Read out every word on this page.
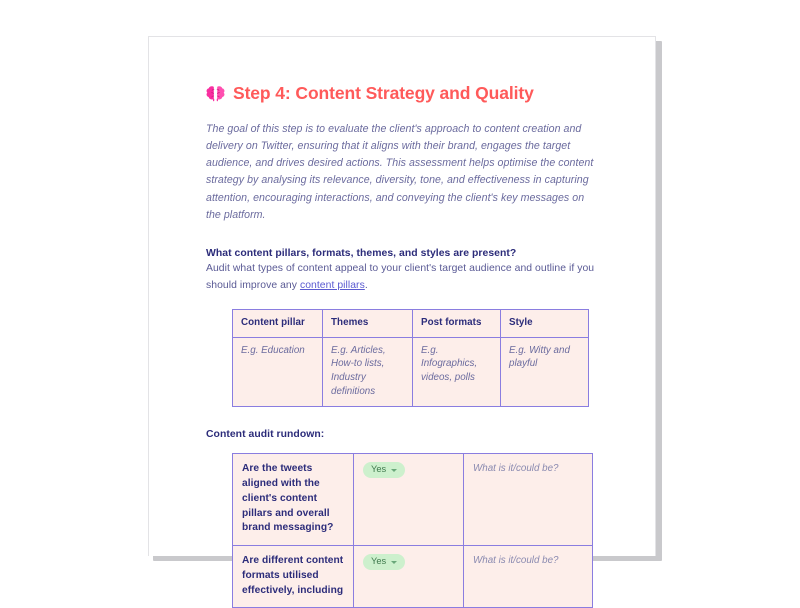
Step 4: Content Strategy and Quality

The goal of this step is to evaluate the client's approach to content creation and delivery on Twitter, ensuring that it aligns with their brand, engages the target audience, and drives desired actions. This assessment helps optimise the content strategy by analysing its relevance, diversity, tone, and effectiveness in capturing attention, encouraging interactions, and conveying the client's key messages on the platform.

What content pillars, formats, themes, and styles are present?

Audit what types of content appeal to your client's target audience and outline if you should improve any content pillars.

Content pillar	Themes	Post formats	Style
E.g. Education	E.g. Articles, How-to lists, Industry definitions	E.g. Infographics, videos, polls	E.g. Witty and playful

Content audit rundown:

Are the tweets aligned with the client's content pillars and overall brand messaging?	Yes	What is it/could be?
Are different content formats utilised effectively, including	Yes	What is it/could be?
